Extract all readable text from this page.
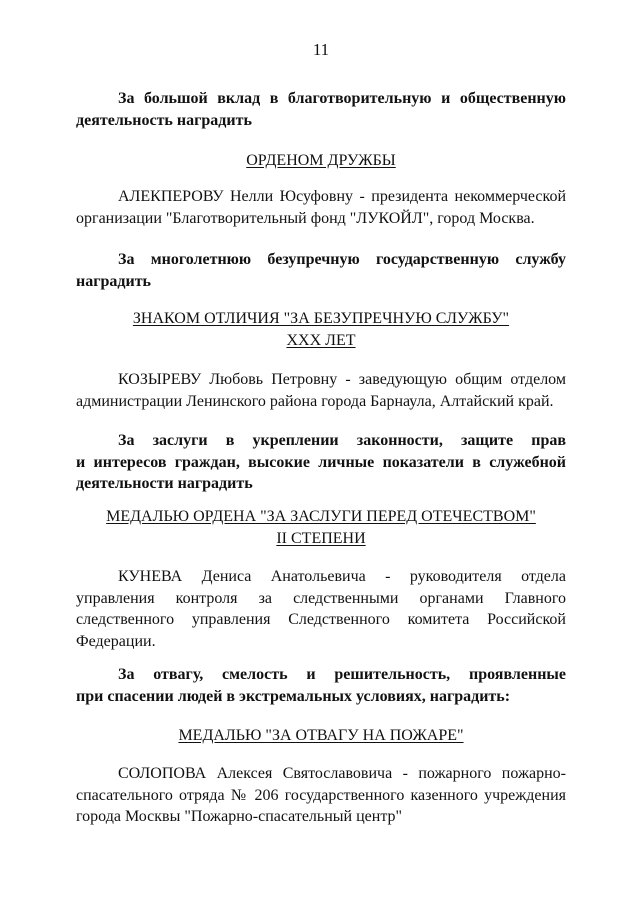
11
За большой вклад в благотворительную и общественную
деятельность наградить
ОРДЕНОМ ДРУЖБЫ
АЛЕКПЕРОВУ Нелли Юсуфовну - президента некоммерческой
организации "Благотворительный фонд "ЛУКОЙЛ", город Москва.
За многолетнюю безупречную государственную службу
наградить
ЗНАКОМ ОТЛИЧИЯ "ЗА БЕЗУПРЕЧНУЮ СЛУЖБУ"
XXX ЛЕТ
КОЗЫРЕВУ Любовь Петровну - заведующую общим отделом
администрации Ленинского района города Барнаула, Алтайский край.
За заслуги в укреплении законности, защите прав
и интересов граждан, высокие личные показатели в служебной
деятельности наградить
МЕДАЛЬЮ ОРДЕНА "ЗА ЗАСЛУГИ ПЕРЕД ОТЕЧЕСТВОМ"
II СТЕПЕНИ
КУНЕВА Дениса Анатольевича - руководителя отдела
управления контроля за следственными органами Главного
следственного управления Следственного комитета Российской
Федерации.
За отвагу, смелость и решительность, проявленные
при спасении людей в экстремальных условиях, наградить:
МЕДАЛЬЮ "ЗА ОТВАГУ НА ПОЖАРЕ"
СОЛОПОВА Алексея Святославовича - пожарного пожарно-
спасательного отряда № 206 государственного казенного учреждения
города Москвы "Пожарно-спасательный центр"
